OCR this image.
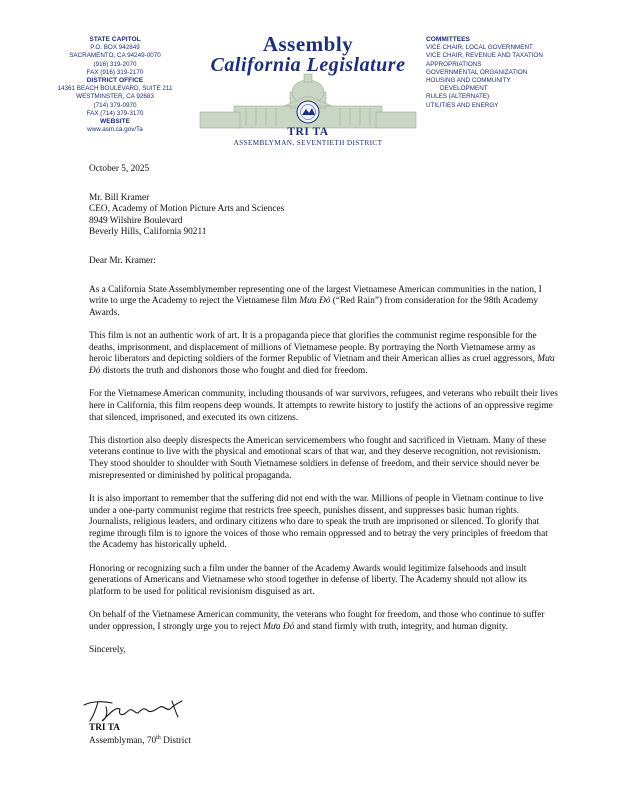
STATE CAPITOL
P.O. BOX 942849
SACRAMENTO, CA 94249-0070
(916) 319-2070
FAX (916) 319-2170
DISTRICT OFFICE
14361 BEACH BOULEVARD, SUITE 211
WESTMINSTER, CA 92683
(714) 379-0970
FAX (714) 379-3170
WEBSITE
www.asm.ca.gov/Ta
Assembly
California Legislature
TRI TA
ASSEMBLYMAN, SEVENTIETH DISTRICT
COMMITTEES
VICE CHAIR, LOCAL GOVERNMENT
VICE CHAIR, REVENUE AND TAXATION
APPROPRIATIONS
GOVERNMENTAL ORGANIZATION
HOUSING AND COMMUNITY
DEVELOPMENT
RULES (ALTERNATE)
UTILITIES AND ENERGY

October 5, 2025

Mr. Bill Kramer

CEO, Academy of Motion Picture Arts and Sciences

8949 Wilshire Boulevard

Beverly Hills, California 90211

Dear Mr. Kramer:

As a California State Assemblymember representing one of the largest Vietnamese American communities in the nation, I write to urge the Academy to reject the Vietnamese film Mưa Đỏ (“Red Rain”) from consideration for the 98th Academy Awards.

This film is not an authentic work of art. It is a propaganda piece that glorifies the communist regime responsible for the deaths, imprisonment, and displacement of millions of Vietnamese people. By portraying the North Vietnamese army as heroic liberators and depicting soldiers of the former Republic of Vietnam and their American allies as cruel aggressors, Mưa Đỏ distorts the truth and dishonors those who fought and died for freedom.

For the Vietnamese American community, including thousands of war survivors, refugees, and veterans who rebuilt their lives here in California, this film reopens deep wounds. It attempts to rewrite history to justify the actions of an oppressive regime that silenced, imprisoned, and executed its own citizens.

This distortion also deeply disrespects the American servicemembers who fought and sacrificed in Vietnam. Many of these veterans continue to live with the physical and emotional scars of that war, and they deserve recognition, not revisionism. They stood shoulder to shoulder with South Vietnamese soldiers in defense of freedom, and their service should never be misrepresented or diminished by political propaganda.

It is also important to remember that the suffering did not end with the war. Millions of people in Vietnam continue to live under a one-party communist regime that restricts free speech, punishes dissent, and suppresses basic human rights. Journalists, religious leaders, and ordinary citizens who dare to speak the truth are imprisoned or silenced. To glorify that regime through film is to ignore the voices of those who remain oppressed and to betray the very principles of freedom that the Academy has historically upheld.

Honoring or recognizing such a film under the banner of the Academy Awards would legitimize falsehoods and insult generations of Americans and Vietnamese who stood together in defense of liberty. The Academy should not allow its platform to be used for political revisionism disguised as art.

On behalf of the Vietnamese American community, the veterans who fought for freedom, and those who continue to suffer under oppression, I strongly urge you to reject Mưa Đỏ and stand firmly with truth, integrity, and human dignity.

Sincerely,

TRI TA
Assemblyman, 70th District
